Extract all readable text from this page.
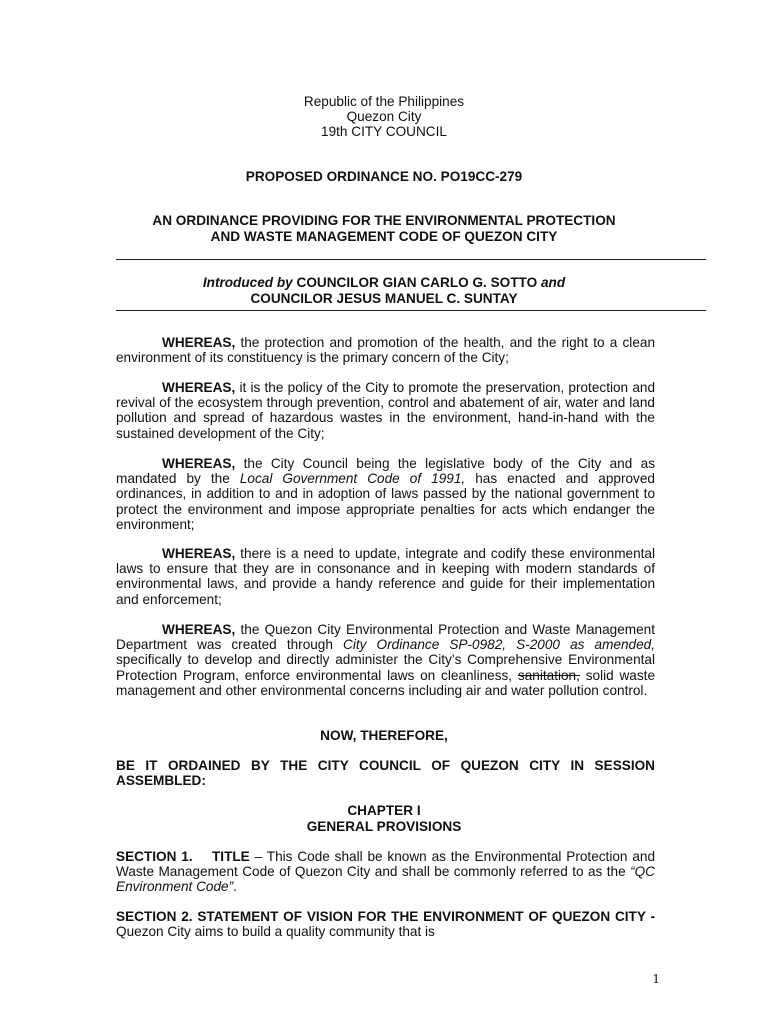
Republic of the Philippines
Quezon City
19th CITY COUNCIL
PROPOSED ORDINANCE NO. PO19CC-279
AN ORDINANCE PROVIDING FOR THE ENVIRONMENTAL PROTECTION
AND WASTE MANAGEMENT CODE OF QUEZON CITY
Introduced by COUNCILOR GIAN CARLO G. SOTTO and
COUNCILOR JESUS MANUEL C. SUNTAY
WHEREAS, the protection and promotion of the health, and the right to a clean environment of its constituency is the primary concern of the City;
WHEREAS, it is the policy of the City to promote the preservation, protection and revival of the ecosystem through prevention, control and abatement of air, water and land pollution and spread of hazardous wastes in the environment, hand-in-hand with the sustained development of the City;
WHEREAS, the City Council being the legislative body of the City and as mandated by the Local Government Code of 1991, has enacted and approved ordinances, in addition to and in adoption of laws passed by the national government to protect the environment and impose appropriate penalties for acts which endanger the environment;
WHEREAS, there is a need to update, integrate and codify these environmental laws to ensure that they are in consonance and in keeping with modern standards of environmental laws, and provide a handy reference and guide for their implementation and enforcement;
WHEREAS, the Quezon City Environmental Protection and Waste Management Department was created through City Ordinance SP-0982, S-2000 as amended, specifically to develop and directly administer the City’s Comprehensive Environmental Protection Program, enforce environmental laws on cleanliness, sanitation, solid waste management and other environmental concerns including air and water pollution control.
NOW, THEREFORE,
BE IT ORDAINED BY THE CITY COUNCIL OF QUEZON CITY IN SESSION ASSEMBLED:
CHAPTER I
GENERAL PROVISIONS
SECTION 1.    TITLE – This Code shall be known as the Environmental Protection and Waste Management Code of Quezon City and shall be commonly referred to as the “QC Environment Code”.
SECTION 2. STATEMENT OF VISION FOR THE ENVIRONMENT OF QUEZON CITY - Quezon City aims to build a quality community that is
1
